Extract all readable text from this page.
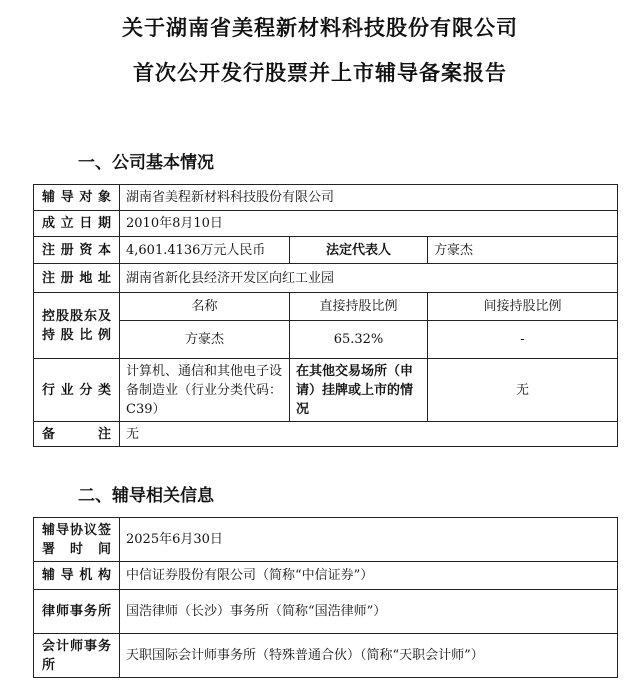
关于湖南省美程新材料科技股份有限公司
首次公开发行股票并上市辅导备案报告
一、公司基本情况
辅导对象	湖南省美程新材料科技股份有限公司		
成立日期	2010年8月10日		
注册资本	4,601.4136万元人民币	法定代表人	方豪杰
注册地址	湖南省新化县经济开发区向红工业园		
控股股东及持股比例	名称	直接持股比例	间接持股比例
	方豪杰	65.32%	-
行业分类	计算机、通信和其他电子设备制造业（行业分类代码：C39）	在其他交易场所（申请）挂牌或上市的情况	无
备注	无		
二、辅导相关信息
辅导协议签署时间	2025年6月30日
辅导机构	中信证券股份有限公司（简称“中信证券”）
律师事务所	国浩律师（长沙）事务所（简称“国浩律师”）
会计师事务所	天职国际会计师事务所（特殊普通合伙）（简称“天职会计师”）
